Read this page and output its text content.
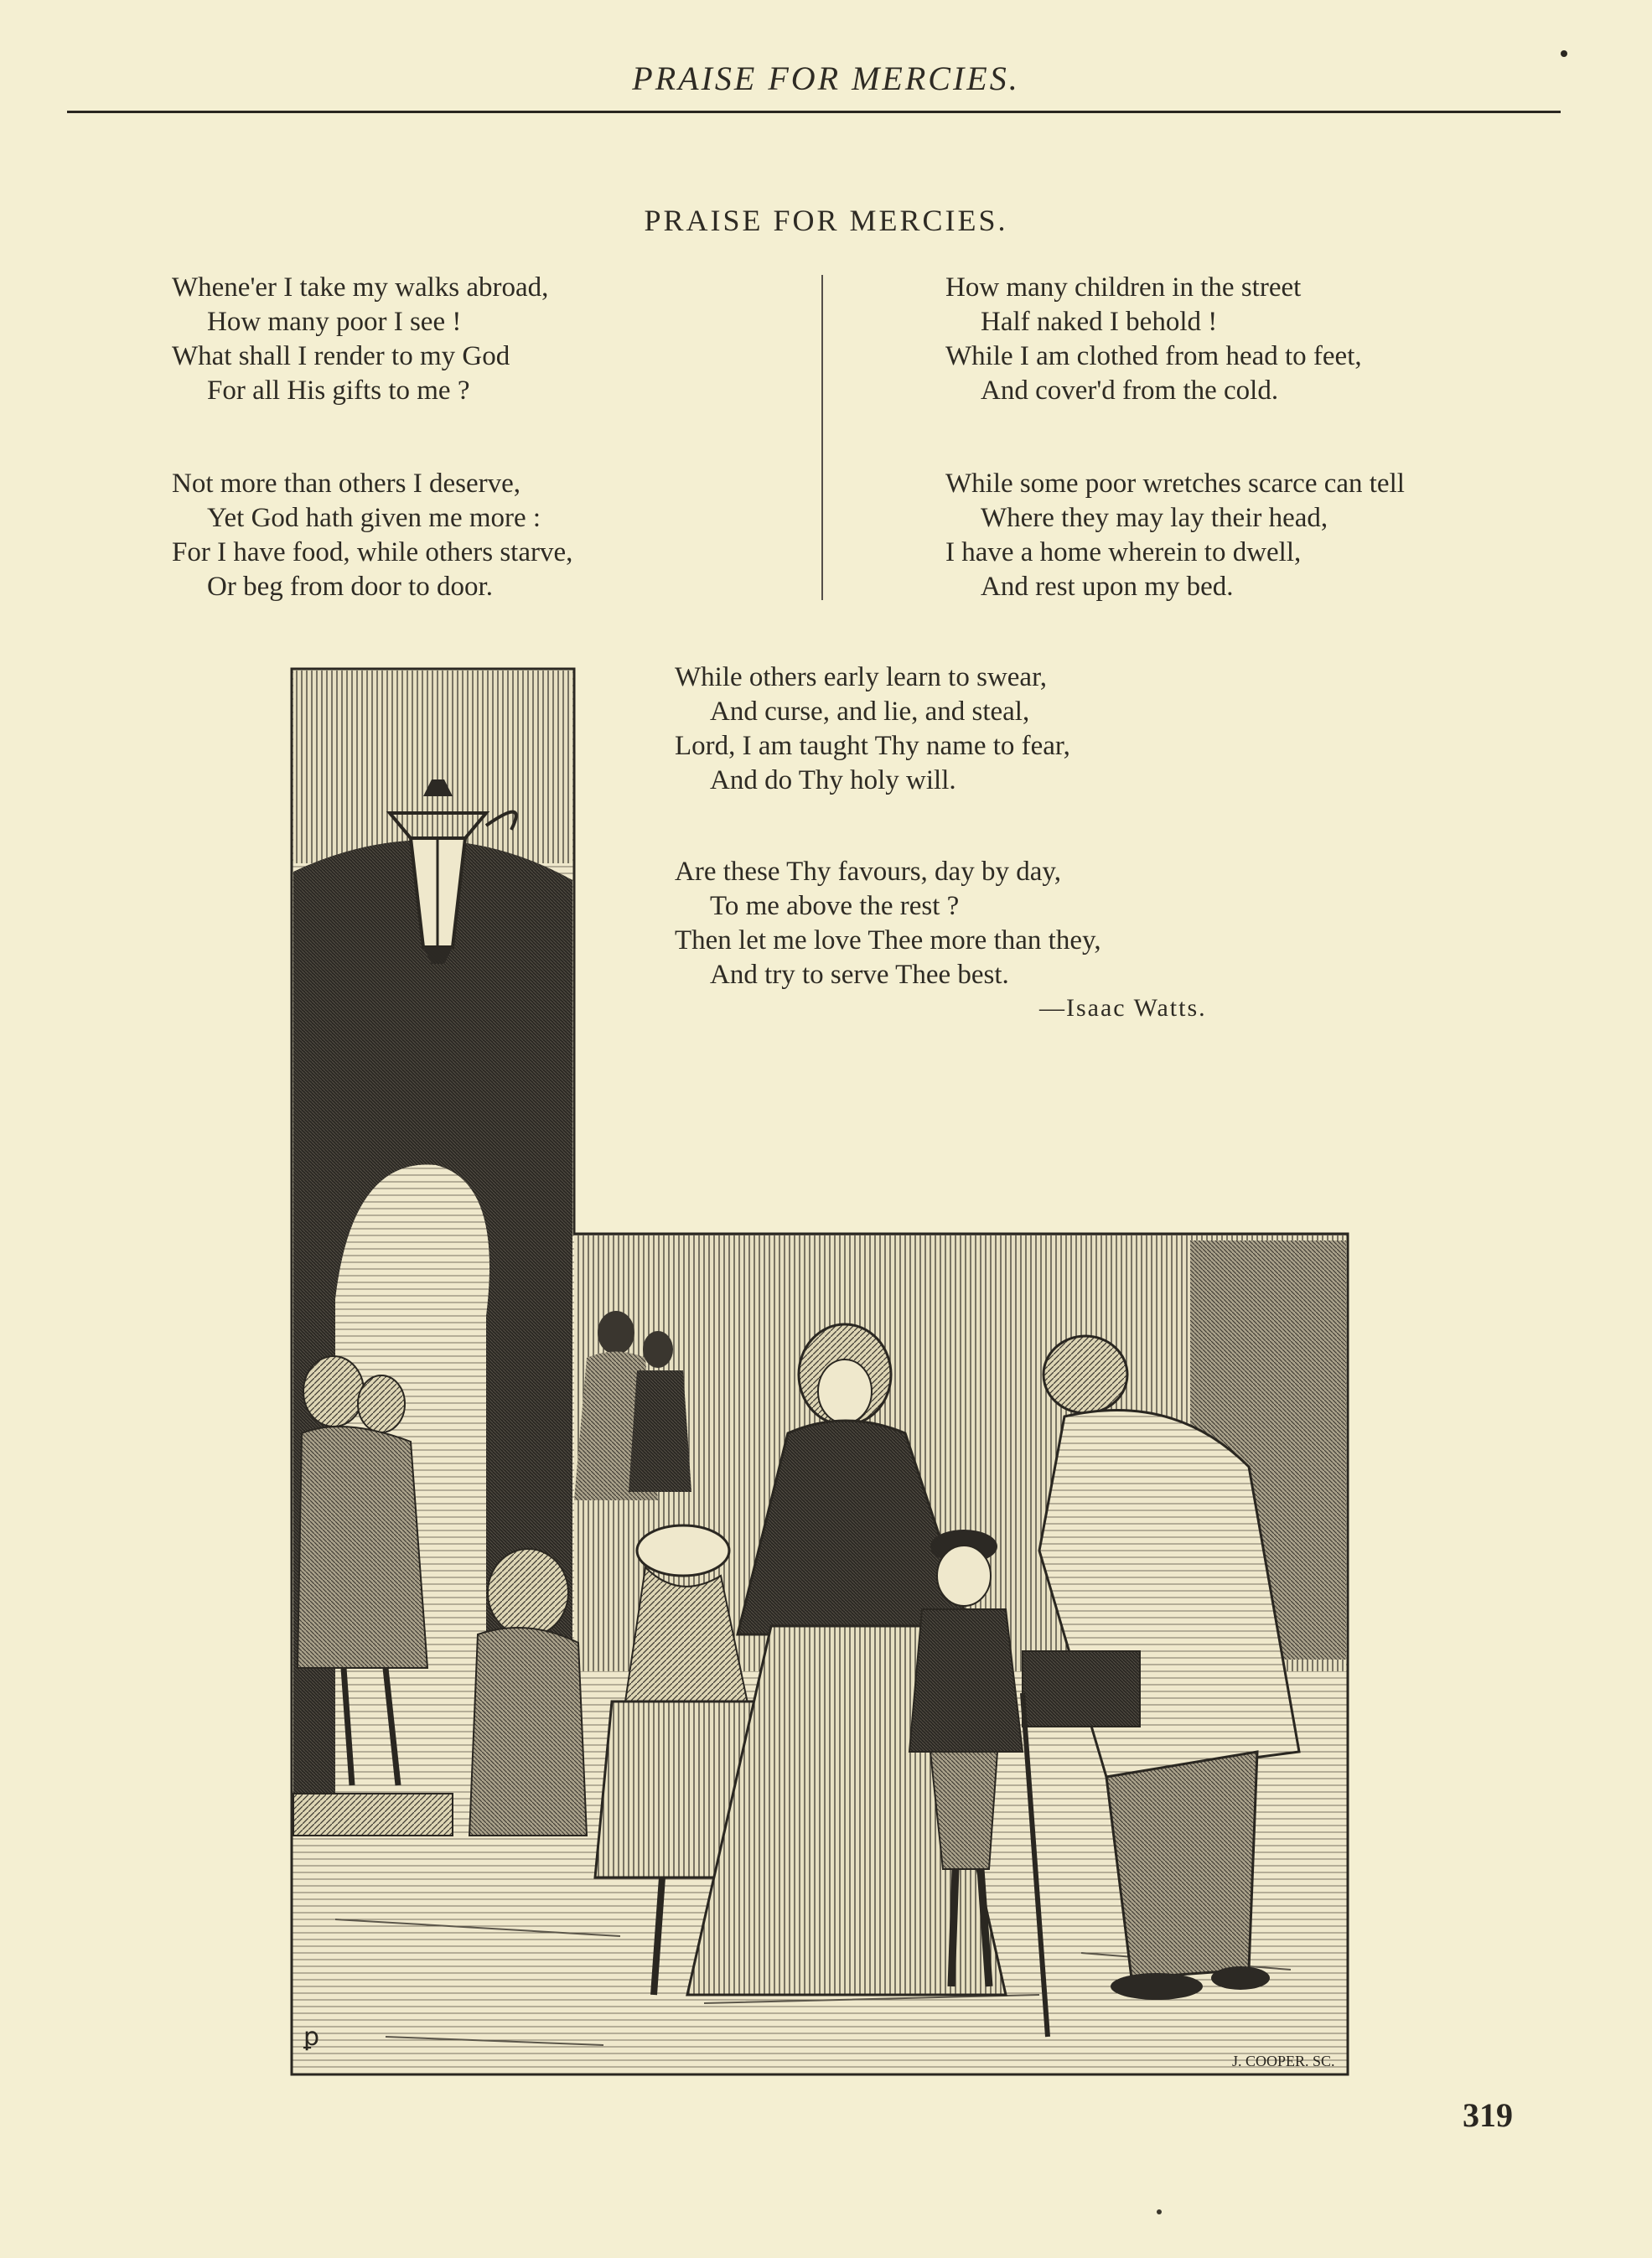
PRAISE FOR MERCIES.
PRAISE FOR MERCIES.
Whene'er I take my walks abroad,
How many poor I see !
What shall I render to my God
For all His gifts to me ?
Not more than others I deserve,
Yet God hath given me more :
For I have food, while others starve,
Or beg from door to door.
How many children in the street
Half naked I behold !
While I am clothed from head to feet,
And cover'd from the cold.
While some poor wretches scarce can tell
Where they may lay their head,
I have a home wherein to dwell,
And rest upon my bed.
While others early learn to swear,
And curse, and lie, and steal,
Lord, I am taught Thy name to fear,
And do Thy holy will.
Are these Thy favours, day by day,
To me above the rest ?
Then let me love Thee more than they,
And try to serve Thee best.
—Isaac Watts.
ꝑ
J. COOPER. SC.
319
